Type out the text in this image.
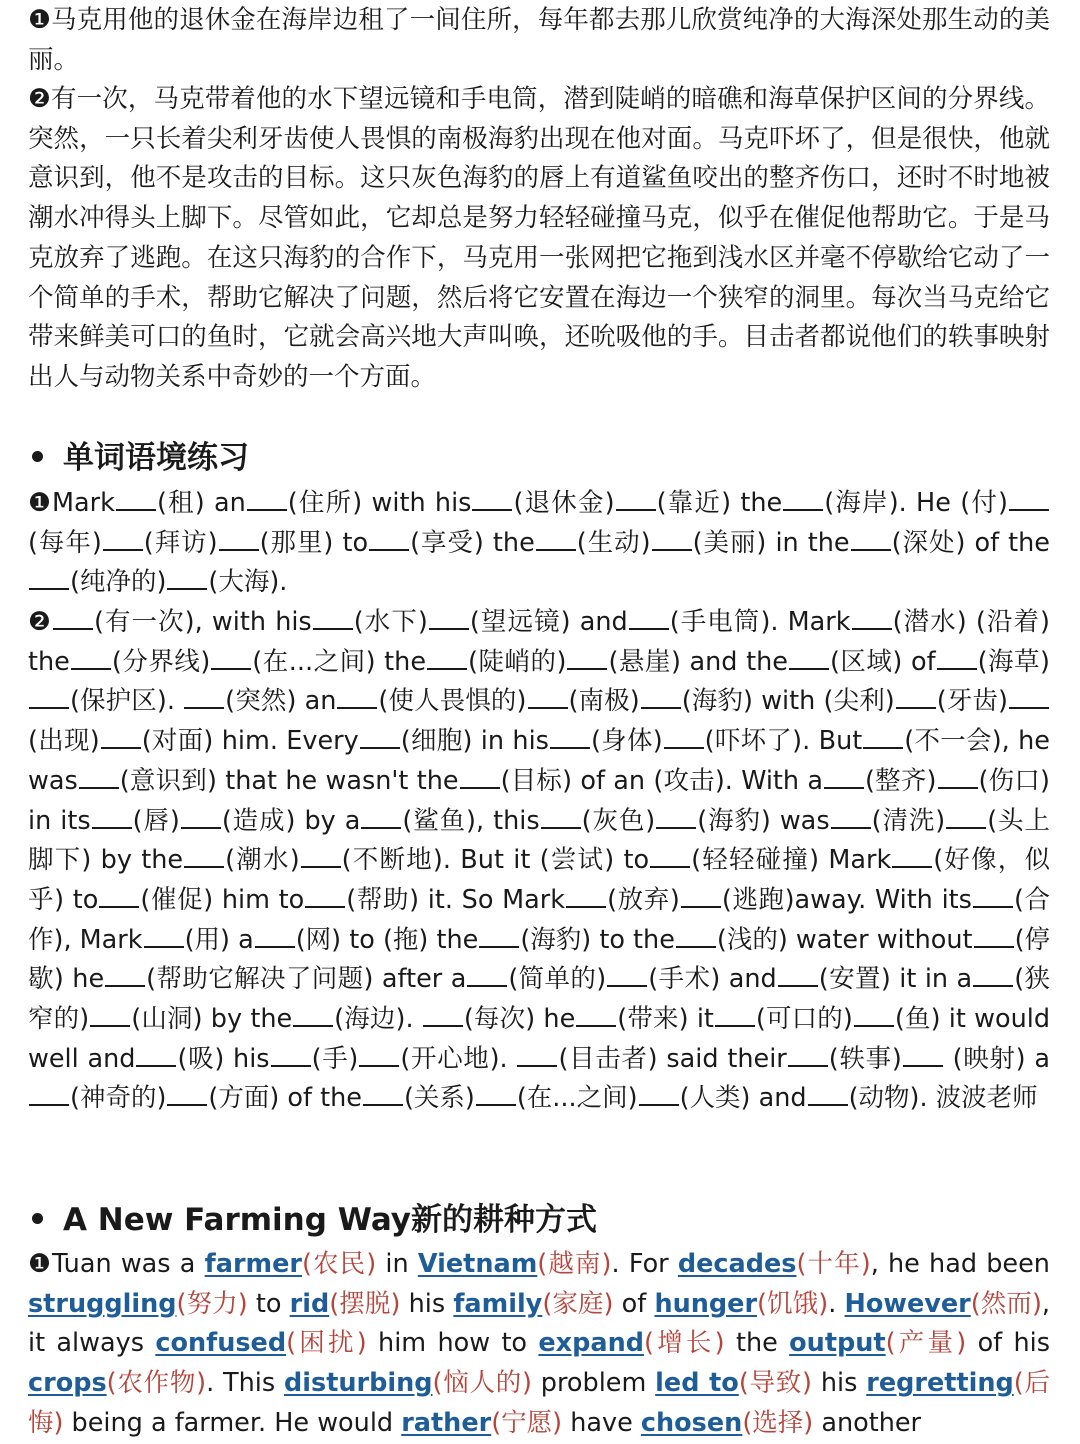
❶马克用他的退休金在海岸边租了一间住所，每年都去那儿欣赏纯净的大海深处那生动的美丽。

❷有一次，马克带着他的水下望远镜和手电筒，潜到陡峭的暗礁和海草保护区间的分界线。突然，一只长着尖利牙齿使人畏惧的南极海豹出现在他对面。马克吓坏了，但是很快，他就意识到，他不是攻击的目标。这只灰色海豹的唇上有道鲨鱼咬出的整齐伤口，还时不时地被潮水冲得头上脚下。尽管如此，它却总是努力轻轻碰撞马克，似乎在催促他帮助它。于是马克放弃了逃跑。在这只海豹的合作下，马克用一张网把它拖到浅水区并毫不停歇给它动了一个简单的手术，帮助它解决了问题，然后将它安置在海边一个狭窄的洞里。每次当马克给它带来鲜美可口的鱼时，它就会高兴地大声叫唤，还吮吸他的手。目击者都说他们的轶事映射出人与动物关系中奇妙的一个方面。

单词语境练习

❶Mark (租) an (住所) with his (退休金) (靠近) the (海岸). He (付)(每年) (拜访) (那里) to (享受) the (生动) (美丽) in the (深处) of the(纯净的) (大海).

❷ (有一次), with his (水下) (望远镜) and (手电筒). Mark (潜水) (沿着) the (分界线) (在...之间) the (陡峭的) (悬崖) and the (区域) of (海草)(保护区). (突然) an (使人畏惧的) (南极) (海豹) with (尖利) (牙齿)(出现) (对面) him. Every (细胞) in his (身体) (吓坏了). But (不一会), he was (意识到) that he wasn't the (目标) of an (攻击). With a (整齐) (伤口) in its (唇) (造成) by a (鲨鱼), this (灰色) (海豹) was (清洗) (头上脚下) by the (潮水) (不断地). But it (尝试) to (轻轻碰撞) Mark (好像，似乎) to (催促) him to (帮助) it. So Mark (放弃) (逃跑)away. With its (合作), Mark (用) a (网) to (拖) the (海豹) to the (浅的) water without (停歇) he (帮助它解决了问题) after a (简单的) (手术) and (安置) it in a (狭窄的) (山洞) by the (海边). (每次) he (带来) it (可口的) (鱼) it would well and (吸) his (手) (开心地). (目击者) said their (轶事) (映射) a(神奇的) (方面) of the (关系) (在...之间) (人类) and (动物). 波波老师

A New Farming Way新的耕种方式

❶Tuan was a farmer(农民) in Vietnam(越南). For decades(十年), he had been struggling(努力) to rid(摆脱) his family(家庭) of hunger(饥饿). However(然而), it always confused(困扰) him how to expand(增长) the output(产量) of his crops(农作物). This disturbing(恼人的) problem led to(导致) his regretting(后悔) being a farmer. He would rather(宁愿) have chosen(选择) another
